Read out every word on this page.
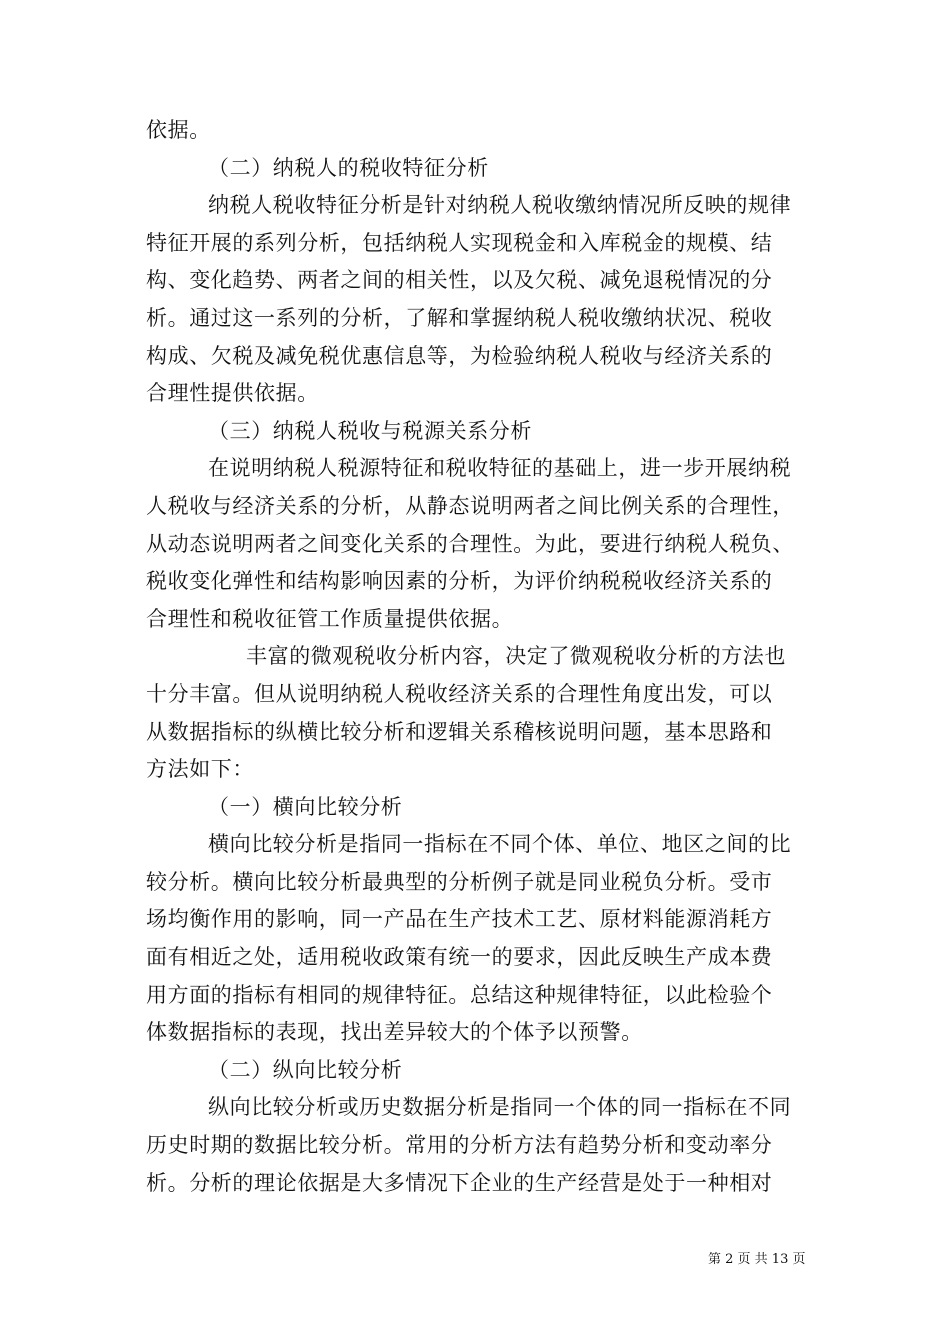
依据。
（二）纳税人的税收特征分析
纳税人税收特征分析是针对纳税人税收缴纳情况所反映的规律
特征开展的系列分析，包括纳税人实现税金和入库税金的规模、结
构、变化趋势、两者之间的相关性，以及欠税、减免退税情况的分
析。通过这一系列的分析，了解和掌握纳税人税收缴纳状况、税收
构成、欠税及减免税优惠信息等，为检验纳税人税收与经济关系的
合理性提供依据。
（三）纳税人税收与税源关系分析
在说明纳税人税源特征和税收特征的基础上，进一步开展纳税
人税收与经济关系的分析，从静态说明两者之间比例关系的合理性，
从动态说明两者之间变化关系的合理性。为此，要进行纳税人税负、
税收变化弹性和结构影响因素的分析，为评价纳税税收经济关系的
合理性和税收征管工作质量提供依据。
丰富的微观税收分析内容，决定了微观税收分析的方法也
十分丰富。但从说明纳税人税收经济关系的合理性角度出发，可以
从数据指标的纵横比较分析和逻辑关系稽核说明问题，基本思路和
方法如下：
（一）横向比较分析
横向比较分析是指同一指标在不同个体、单位、地区之间的比
较分析。横向比较分析最典型的分析例子就是同业税负分析。受市
场均衡作用的影响，同一产品在生产技术工艺、原材料能源消耗方
面有相近之处，适用税收政策有统一的要求，因此反映生产成本费
用方面的指标有相同的规律特征。总结这种规律特征，以此检验个
体数据指标的表现，找出差异较大的个体予以预警。
（二）纵向比较分析
纵向比较分析或历史数据分析是指同一个体的同一指标在不同
历史时期的数据比较分析。常用的分析方法有趋势分析和变动率分
析。分析的理论依据是大多情况下企业的生产经营是处于一种相对
第 2 页 共 13 页
